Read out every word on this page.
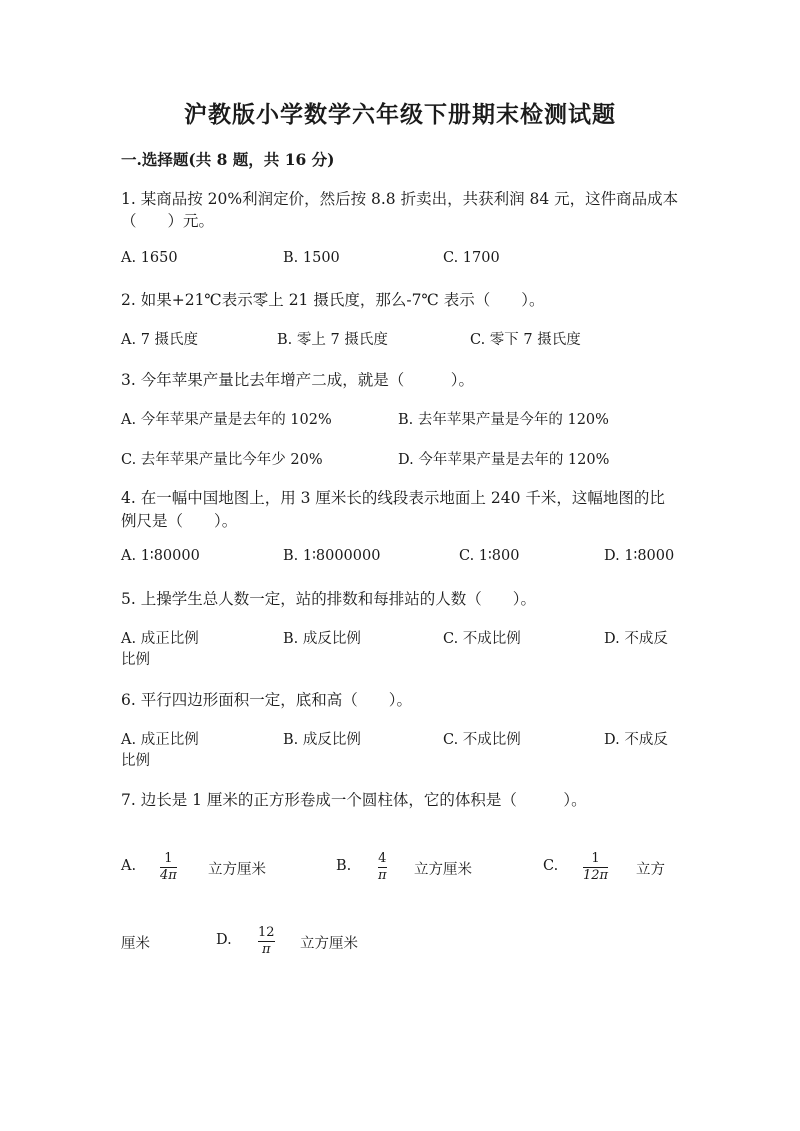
沪教版小学数学六年级下册期末检测试题
一.选择题(共 8 题，共 16 分)
1. 某商品按 20%利润定价，然后按 8.8 折卖出，共获利润 84 元，这件商品成本
（　　）元。
A. 1650	B. 1500	C. 1700
2. 如果+21℃表示零上 21 摄氏度，那么-7℃ 表示（　　）。
A. 7 摄氏度	B. 零上 7 摄氏度	C. 零下 7 摄氏度
3. 今年苹果产量比去年增产二成，就是（　　　）。
A. 今年苹果产量是去年的 102%	B. 去年苹果产量是今年的 120%
C. 去年苹果产量比今年少 20%	D. 今年苹果产量是去年的 120%
4. 在一幅中国地图上，用 3 厘米长的线段表示地面上 240 千米，这幅地图的比
例尺是（　　）。
A. 1∶80000	B. 1∶8000000	C. 1∶800	D. 1∶8000
5. 上操学生总人数一定，站的排数和每排站的人数（　　）。
A. 成正比例	B. 成反比例	C. 不成比例	D. 不成反
比例
6. 平行四边形面积一定，底和高（　　）。
A. 成正比例	B. 成反比例	C. 不成比例	D. 不成反
比例
7. 边长是 1 厘米的正方形卷成一个圆柱体，它的体积是（　　　）。
A. 1
4π 立方厘米	B. 4
π 立方厘米	C.	1
12π 立方
厘米	D. 12
π 立方厘米
